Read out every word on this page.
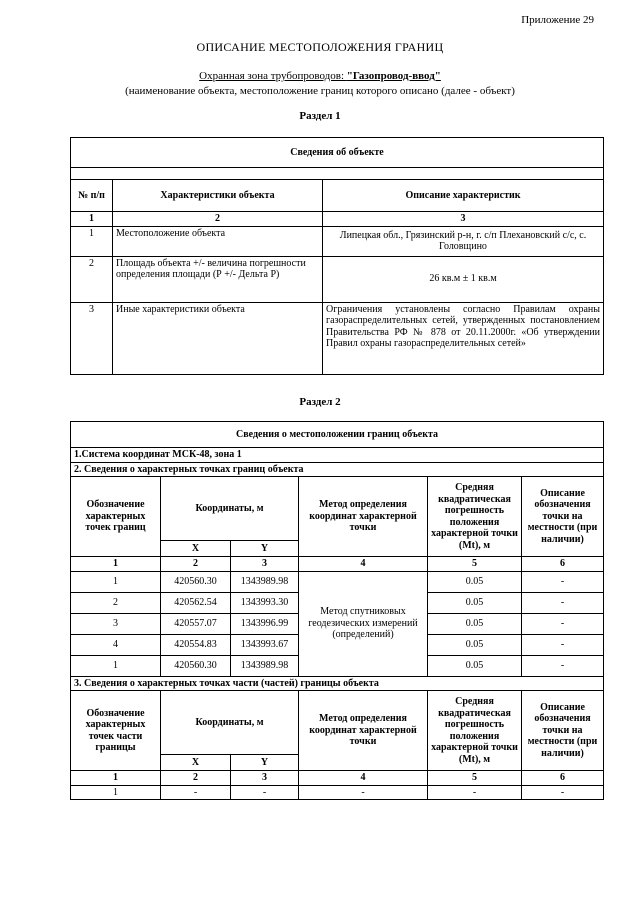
Приложение 29
ОПИСАНИЕ МЕСТОПОЛОЖЕНИЯ ГРАНИЦ
Охранная зона трубопроводов: "Газопровод-ввод"
(наименование объекта, местоположение границ которого описано (далее - объект)
Раздел 1
Сведения об объекте		

№ п/п	Характеристики объекта	Описание характеристик
1	2	3
1	Местоположение объекта	Липецкая обл., Грязинский р-н, г. с/п Плехановский с/с, с. Головщино
2	Площадь объекта +/- величина погрешности определения площади (Р +/- Дельта Р)	26 кв.м ± 1 кв.м
3	Иные характеристики объекта	Ограничения установлены согласно Правилам охраны газораспределительных сетей, утвержденных постановлением Правительства РФ № 878 от 20.11.2000г. «Об утверждении Правил охраны газораспределительных сетей»
Раздел 2
Сведения о местоположении границ объекта					
1.Система координат МСК-48, зона 1					
2. Сведения о характерных точках границ объекта					
Обозначение характерных точек границ	Координаты, м		Метод определения координат характерной точки	Средняя квадратическая погрешность положения характерной точки (Mt), м	Описание обозначения точки на местности (при наличии)
	X	Y			
1	2	3	4	5	6
1	420560.30	1343989.98	Метод спутниковых геодезических измерений (определений)	0.05	-
2	420562.54	1343993.30		0.05	-
3	420557.07	1343996.99		0.05	-
4	420554.83	1343993.67		0.05	-
1	420560.30	1343989.98		0.05	-
3. Сведения о характерных точках части (частей) границы объекта					
Обозначение характерных точек части границы	Координаты, м		Метод определения координат характерной точки	Средняя квадратическая погрешность положения характерной точки (Mt), м	Описание обозначения точки на местности (при наличии)
	X	Y			
1	2	3	4	5	6
1	-	-	-	-	-
